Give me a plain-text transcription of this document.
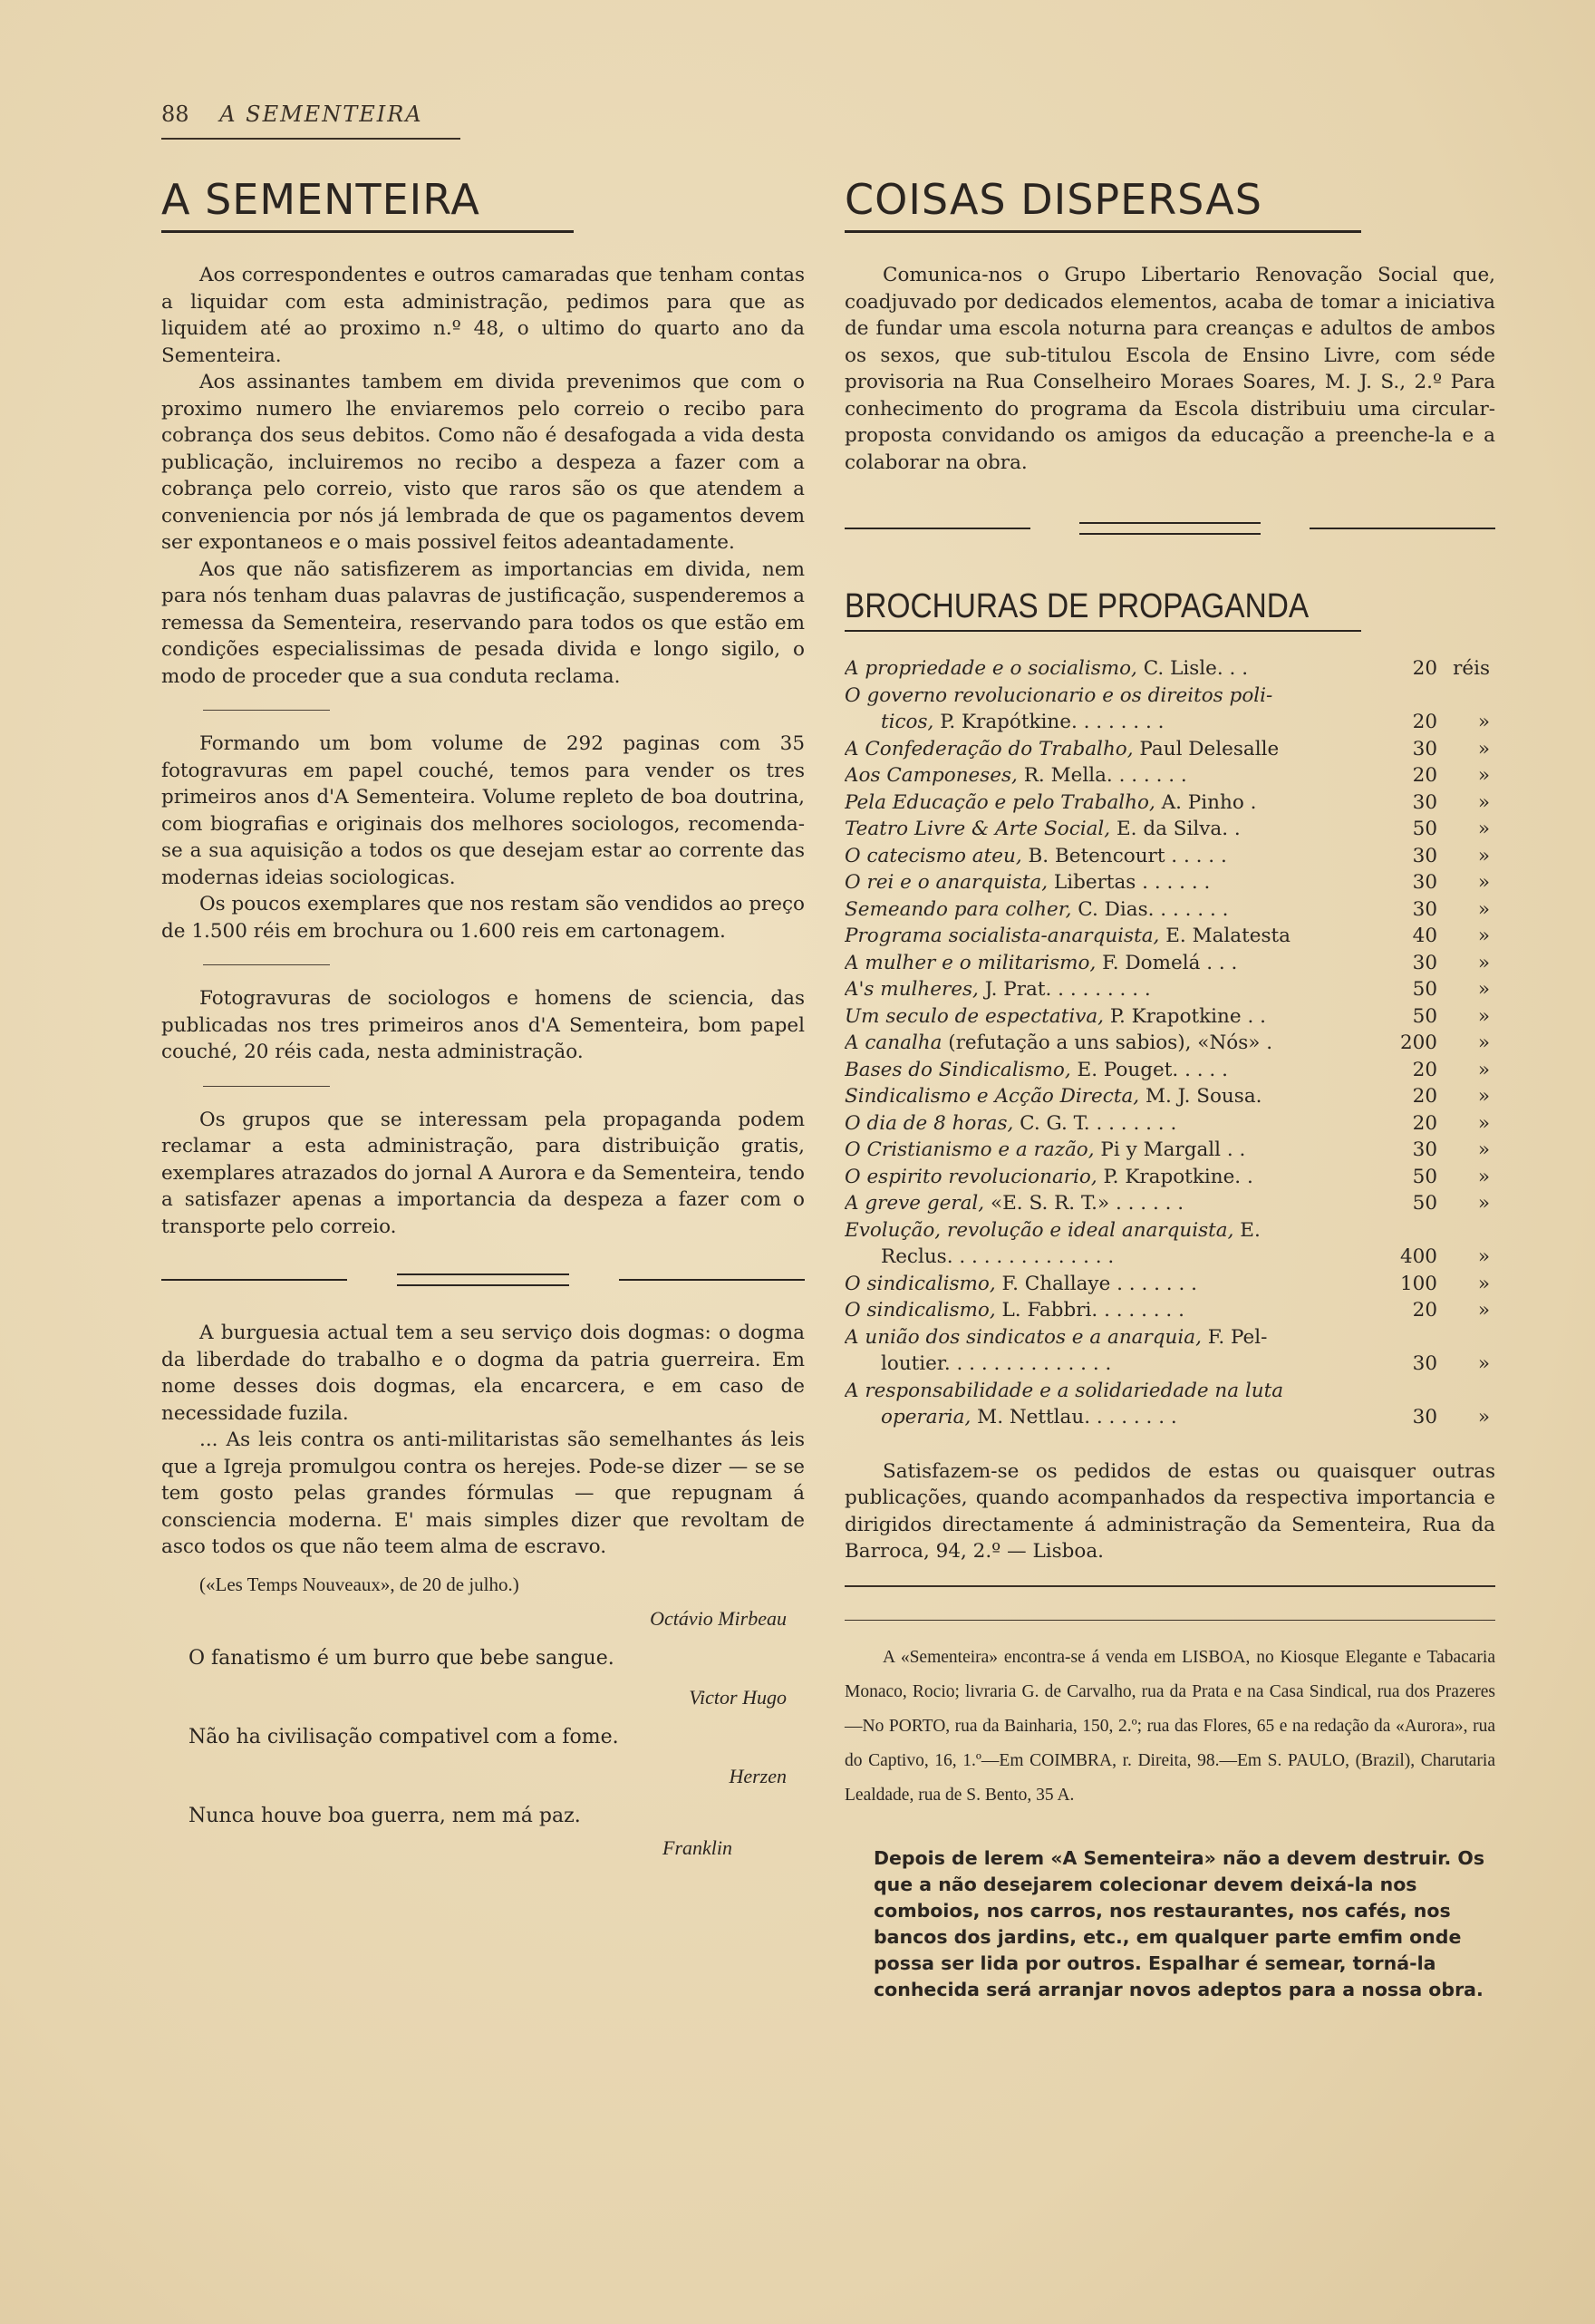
88 A SEMENTEIRA
A SEMENTEIRA

Aos correspondentes e outros camaradas que tenham contas a liquidar com esta administração, pedimos para que as liquidem até ao proximo n.º 48, o ultimo do quarto ano da Sementeira.

Aos assinantes tambem em divida prevenimos que com o proximo numero lhe enviaremos pelo correio o recibo para cobrança dos seus debitos. Como não é desafogada a vida desta publicação, incluiremos no recibo a despeza a fazer com a cobrança pelo correio, visto que raros são os que atendem a conveniencia por nós já lembrada de que os pagamentos devem ser expontaneos e o mais possivel feitos adeantadamente.

Aos que não satisfizerem as importancias em divida, nem para nós tenham duas palavras de justificação, suspenderemos a remessa da Sementeira, reservando para todos os que estão em condições especialissimas de pesada divida e longo sigilo, o modo de proceder que a sua conduta reclama.

Formando um bom volume de 292 paginas com 35 fotogravuras em papel couché, temos para vender os tres primeiros anos d'A Sementeira. Volume repleto de boa doutrina, com biografias e originais dos melhores sociologos, recomenda-se a sua aquisição a todos os que desejam estar ao corrente das modernas ideias sociologicas.

Os poucos exemplares que nos restam são vendidos ao preço de 1.500 réis em brochura ou 1.600 reis em cartonagem.

Fotogravuras de sociologos e homens de sciencia, das publicadas nos tres primeiros anos d'A Sementeira, bom papel couché, 20 réis cada, nesta administração.

Os grupos que se interessam pela propaganda podem reclamar a esta administração, para distribuição gratis, exemplares atrazados do jornal A Aurora e da Sementeira, tendo a satisfazer apenas a importancia da despeza a fazer com o transporte pelo correio.

A burguesia actual tem a seu serviço dois dogmas: o dogma da liberdade do trabalho e o dogma da patria guerreira. Em nome desses dois dogmas, ela encarcera, e em caso de necessidade fuzila.

... As leis contra os anti-militaristas são semelhantes ás leis que a Igreja promulgou contra os herejes. Pode-se dizer — se se tem gosto pelas grandes fórmulas — que repugnam á consciencia moderna. E' mais simples dizer que revoltam de asco todos os que não teem alma de escravo.

(«Les Temps Nouveaux», de 20 de julho.)

Octávio Mirbeau

O fanatismo é um burro que bebe sangue.

Victor Hugo

Não ha civilisação compativel com a fome.

Herzen

Nunca houve boa guerra, nem má paz.

Franklin

COISAS DISPERSAS

Comunica-nos o Grupo Libertario Renovação Social que, coadjuvado por dedicados elementos, acaba de tomar a iniciativa de fundar uma escola noturna para creanças e adultos de ambos os sexos, que sub-titulou Escola de Ensino Livre, com séde provisoria na Rua Conselheiro Moraes Soares, M. J. S., 2.º Para conhecimento do programa da Escola distribuiu uma circular-proposta convidando os amigos da educação a preenche-la e a colaborar na obra.

BROCHURAS DE PROPAGANDA
A propriedade e o socialismo, C. Lisle. . .	20 réis
O governo revolucionario e os direitos poli-
ticos, P. Krapótkine. . . . . . . .	20	»
A Confederação do Trabalho, Paul Delesalle	30	»
Aos Camponeses, R. Mella. . . . . . .	20	»
Pela Educação e pelo Trabalho, A. Pinho .	30	»
Teatro Livre & Arte Social, E. da Silva. .	50	»
O catecismo ateu, B. Betencourt . . . . .	30	»
O rei e o anarquista, Libertas . . . . . .	30	»
Semeando para colher, C. Dias. . . . . . .	30	»
Programa socialista-anarquista, E. Malatesta	40	»
A mulher e o militarismo, F. Domelá . . .	30	»
A's mulheres, J. Prat. . . . . . . . .	50	»
Um seculo de espectativa, P. Krapotkine . .	50	»
A canalha (refutação a uns sabios), «Nós» .	200	»
Bases do Sindicalismo, E. Pouget. . . . .	20	»
Sindicalismo e Acção Directa, M. J. Sousa.	20	»
O dia de 8 horas, C. G. T. . . . . . . .	20	»
O Cristianismo e a razão, Pi y Margall . .	30	»
O espirito revolucionario, P. Krapotkine. .	50	»
A greve geral, «E. S. R. T.» . . . . . .	50	»
Evolução, revolução e ideal anarquista, E.
Reclus. . . . . . . . . . . . . .	400	»
O sindicalismo, F. Challaye . . . . . . .	100	»
O sindicalismo, L. Fabbri. . . . . . . .	20	»
A união dos sindicatos e a anarquia, F. Pel-
loutier. . . . . . . . . . . . . .	30	»
A responsabilidade e a solidariedade na luta
operaria, M. Nettlau. . . . . . . .	30	»

Satisfazem-se os pedidos de estas ou quaisquer outras publicações, quando acompanhados da respectiva importancia e dirigidos directamente á administração da Sementeira, Rua da Barroca, 94, 2.º — Lisboa.

A «Sementeira» encontra-se á venda em LISBOA, no Kiosque Elegante e Tabacaria Monaco, Rocio; livraria G. de Carvalho, rua da Prata e na Casa Sindical, rua dos Prazeres—No PORTO, rua da Bainharia, 150, 2.º; rua das Flores, 65 e na redação da «Aurora», rua do Captivo, 16, 1.º—Em COIMBRA, r. Direita, 98.—Em S. PAULO, (Brazil), Charutaria Lealdade, rua de S. Bento, 35 A.

Depois de lerem «A Sementeira» não a devem destruir. Os que a não desejarem colecionar devem deixá-la nos comboios, nos carros, nos restaurantes, nos cafés, nos bancos dos jardins, etc., em qualquer parte emfim onde possa ser lida por outros. Espalhar é semear, torná-la conhecida será arranjar novos adeptos para a nossa obra.
